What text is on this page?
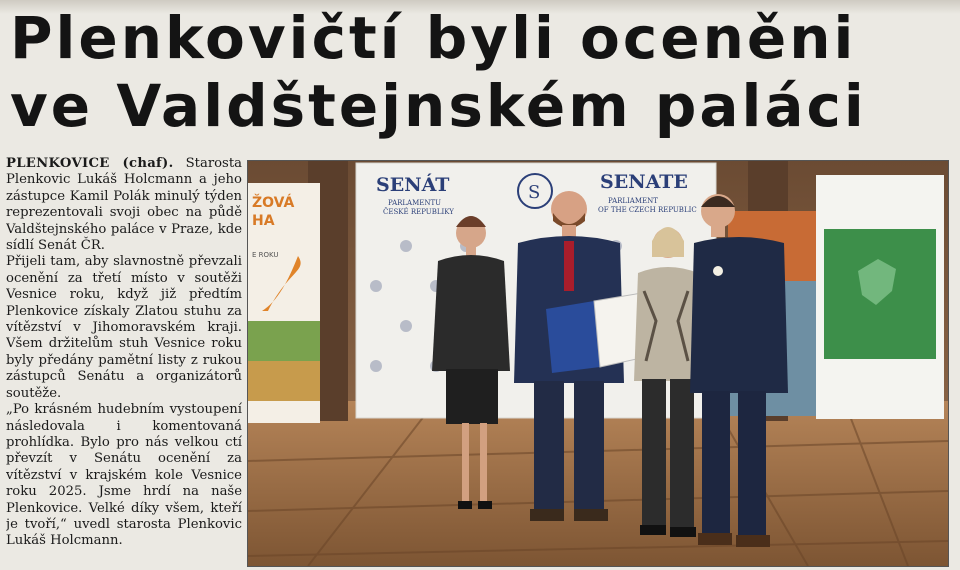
Plenkovičtí byli oceněni
ve Valdštejnském paláci

PLENKOVICE (chaf). Starosta Plenkovic Lukáš Holcmann a jeho zástupce Kamil Polák minulý týden reprezentovali svoji obec na půdě Valdštejnského paláce v Praze, kde sídlí Senát ČR.

Přijeli tam, aby slavnostně převzali ocenění za třetí místo v soutěži Vesnice roku, když již předtím Plenkovice získaly Zlatou stuhu za vítězství v Jihomoravském kraji. Všem držitelům stuh Vesnice roku byly předány pamětní listy z rukou zástupců Senátu a organizátorů soutěže.

„Po krásném hudebním vystoupení následovala i komentovaná prohlídka. Bylo pro nás velkou ctí převzít v Senátu ocenění za vítězství v krajském kole Vesnice roku 2025. Jsme hrdí na naše Plenkovice. Velké díky všem, kteří je tvoří,“ uvedl starosta Plenkovic Lukáš Holcmann.

ŽOVÁ
HA
E ROKU
SENÁT
PARLAMENTU
ČESKÉ REPUBLIKY
S	SENATE
PARLIAMENT
OF THE CZECH REPUBLIC
